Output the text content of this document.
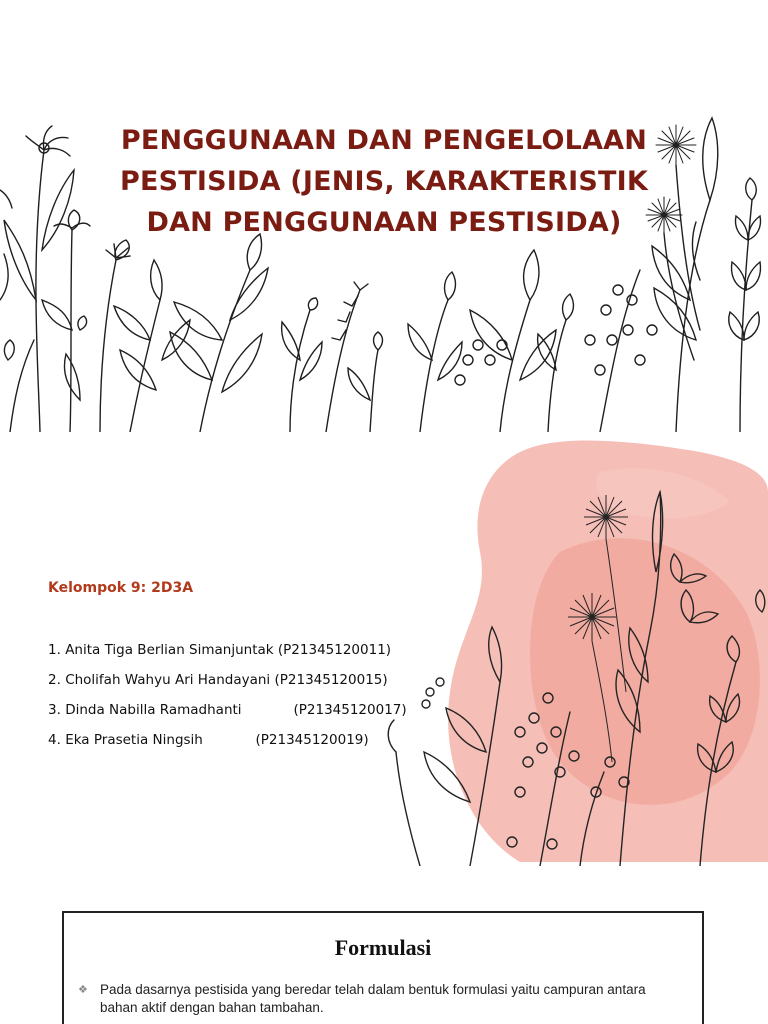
PENGGUNAAN DAN PENGELOLAAN
PESTISIDA (JENIS, KARAKTERISTIK
DAN PENGGUNAAN PESTISIDA)
Kelompok 9: 2D3A
1. Anita Tiga Berlian Simanjuntak (P21345120011)
2. Cholifah Wahyu Ari Handayani (P21345120015)
3. Dinda Nabilla Ramadhanti	(P21345120017)
4. Eka Prasetia Ningsih	(P21345120019)
Formulasi
❖ Pada dasarnya pestisida yang beredar telah dalam bentuk formulasi yaitu campuran antara bahan aktif dengan bahan tambahan.
